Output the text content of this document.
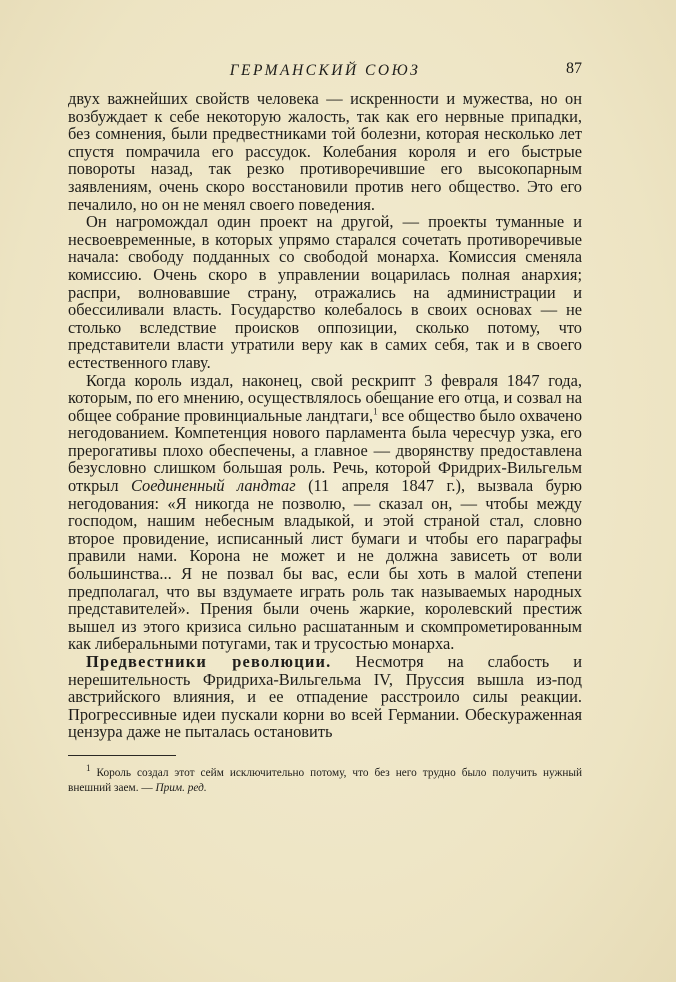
ГЕРМАНСКИЙ СОЮЗ	87

двух важнейших свойств человека — искренности и мужества, но он возбуждает к себе некоторую жалость, так как его нервные припадки, без сомнения, были предвестниками той болезни, которая несколько лет спустя помрачила его рассудок. Колебания короля и его быстрые повороты назад, так резко противоречившие его высокопарным заявлениям, очень скоро восстановили против него общество. Это его печалило, но он не менял своего поведения.

Он нагромождал один проект на другой, — проекты туманные и несвоевременные, в которых упрямо старался сочетать противоречивые начала: свободу подданных со свободой монарха. Комиссия сменяла комиссию. Очень скоро в управлении воцарилась полная анархия; распри, волновавшие страну, отражались на администрации и обессиливали власть. Государство колебалось в своих основах — не столько вследствие происков оппозиции, сколько потому, что представители власти утратили веру как в самих себя, так и в своего естественного главу.

Когда король издал, наконец, свой рескрипт 3 февраля 1847 года, которым, по его мнению, осуществлялось обещание его отца, и созвал на общее собрание провинциальные ландтаги,$^1$ все общество было охвачено негодованием. Компетенция нового парламента была чересчур узка, его прерогативы плохо обеспечены, а главное — дворянству предоставлена безусловно слишком большая роль. Речь, которой Фридрих-Вильгельм открыл Соединенный ландтаг (11 апреля 1847 г.), вызвала бурю негодования: «Я никогда не позволю, — сказал он, — чтобы между господом, нашим небесным владыкой, и этой страной стал, словно второе провидение, исписанный лист бумаги и чтобы его параграфы правили нами. Корона не может и не должна зависеть от воли большинства... Я не позвал бы вас, если бы хоть в малой степени предполагал, что вы вздумаете играть роль так называемых народных представителей». Прения были очень жаркие, королевский престиж вышел из этого кризиса сильно расшатанным и скомпрометированным как либеральными потугами, так и трусостью монарха.

Предвестники революции. Несмотря на слабость и нерешительность Фридриха-Вильгельма IV, Пруссия вышла из-под австрийского влияния, и ее отпадение расстроило силы реакции. Прогрессивные идеи пускали корни во всей Германии. Обескураженная цензура даже не пыталась остановить

$^1$ Король создал этот сейм исключительно потому, что без него трудно было получить нужный внешний заем. — Прим. ред.
